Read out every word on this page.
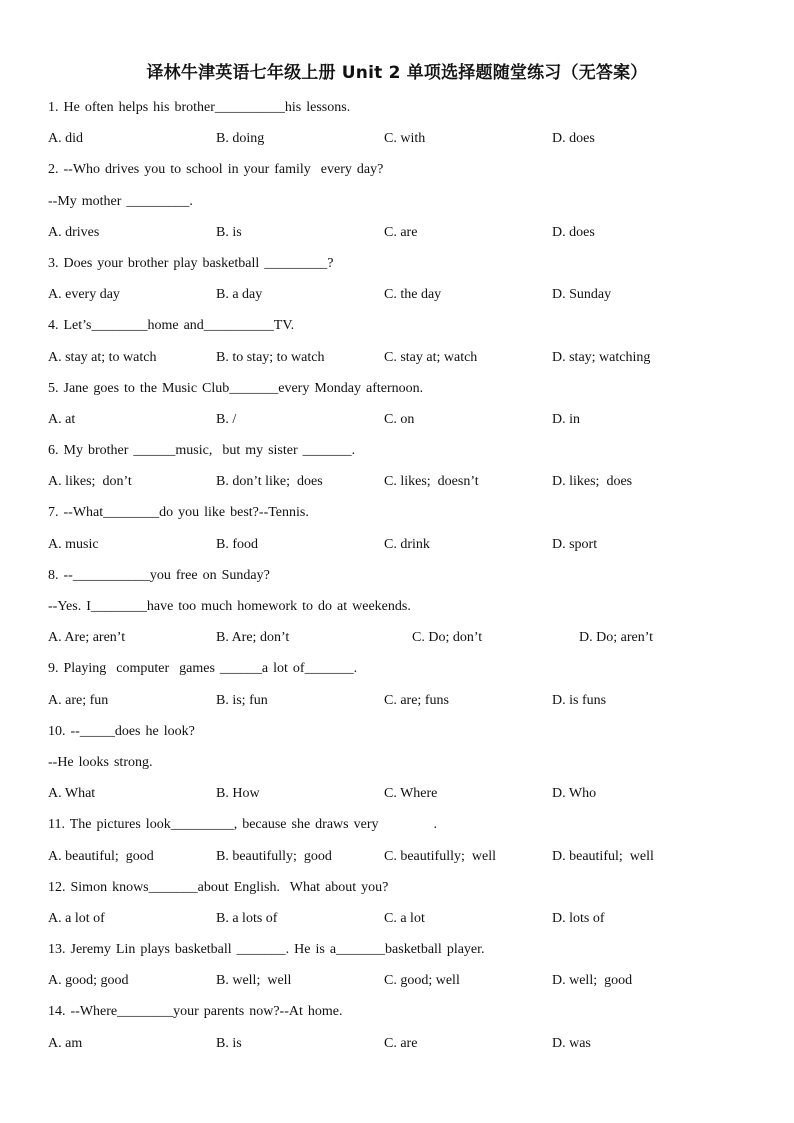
译林牛津英语七年级上册 Unit 2 单项选择题随堂练习（无答案）
1. He often helps his brother__________his lessons.
A. did	B. doing	C. with	D. does
2. --Who drives you to school in your family  every day?
--My mother _________.
A. drives	B. is	C. are	D. does
3. Does your brother play basketball _________?
A. every day	B. a day	C. the day	D. Sunday
4. Let’s________home and__________TV.
A. stay at; to watch	B. to stay; to watch	C. stay at; watch	D. stay; watching
5. Jane goes to the Music Club_______every Monday afternoon.
A. at	B. /	C. on	D. in
6. My brother ______music,  but my sister _______.
A. likes;  don’t	B. don’t like;  does	C. likes;  doesn’t	D. likes;  does
7. --What________do you like best?--Tennis.
A. music	B. food	C. drink	D. sport
8. --___________you free on Sunday?
--Yes. I________have too much homework to do at weekends.
A. Are; aren’t	B. Are; don’t	C. Do; don’t	D. Do; aren’t
9. Playing  computer  games ______a lot of_______.
A. are; fun	B. is; fun	C. are; funs	D. is funs
10. --_____does he look?
--He looks strong.
A. What	B. How	C. Where	D. Who
11. The pictures look_________, because she draws very           .
A. beautiful;  good	B. beautifully;  good	C. beautifully;  well	D. beautiful;  well
12. Simon knows_______about English.  What about you?
A. a lot of	B. a lots of	C. a lot	D. lots of
13. Jeremy Lin plays basketball _______. He is a_______basketball player.
A. good; good	B. well;  well	C. good; well	D. well;  good
14. --Where________your parents now?--At home.
A. am	B. is	C. are	D. was
